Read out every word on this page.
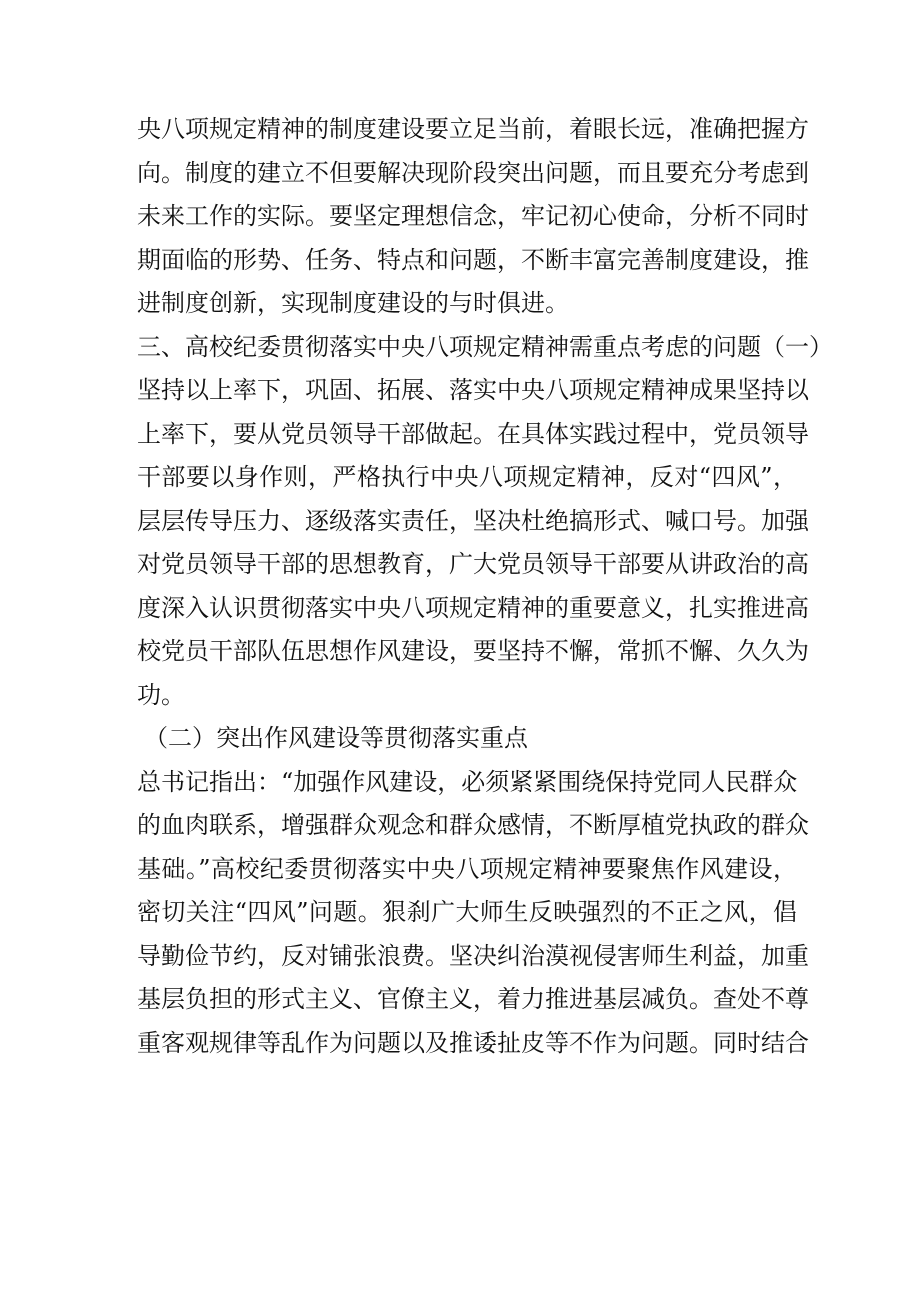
央八项规定精神的制度建设要立足当前，着眼长远，准确把握方
向。制度的建立不但要解决现阶段突出问题，而且要充分考虑到
未来工作的实际。要坚定理想信念，牢记初心使命，分析不同时
期面临的形势、任务、特点和问题，不断丰富完善制度建设，推
进制度创新，实现制度建设的与时俱进。
三、高校纪委贯彻落实中央八项规定精神需重点考虑的问题（一）
坚持以上率下，巩固、拓展、落实中央八项规定精神成果坚持以
上率下，要从党员领导干部做起。在具体实践过程中，党员领导
干部要以身作则，严格执行中央八项规定精神，反对“四风”，
层层传导压力、逐级落实责任，坚决杜绝搞形式、喊口号。加强
对党员领导干部的思想教育，广大党员领导干部要从讲政治的高
度深入认识贯彻落实中央八项规定精神的重要意义，扎实推进高
校党员干部队伍思想作风建设，要坚持不懈，常抓不懈、久久为
功。
（二）突出作风建设等贯彻落实重点
总书记指出：“加强作风建设，必须紧紧围绕保持党同人民群众
的血肉联系，增强群众观念和群众感情，不断厚植党执政的群众
基础。”高校纪委贯彻落实中央八项规定精神要聚焦作风建设，
密切关注“四风”问题。狠刹广大师生反映强烈的不正之风，倡
导勤俭节约，反对铺张浪费。坚决纠治漠视侵害师生利益，加重
基层负担的形式主义、官僚主义，着力推进基层减负。查处不尊
重客观规律等乱作为问题以及推诿扯皮等不作为问题。同时结合
